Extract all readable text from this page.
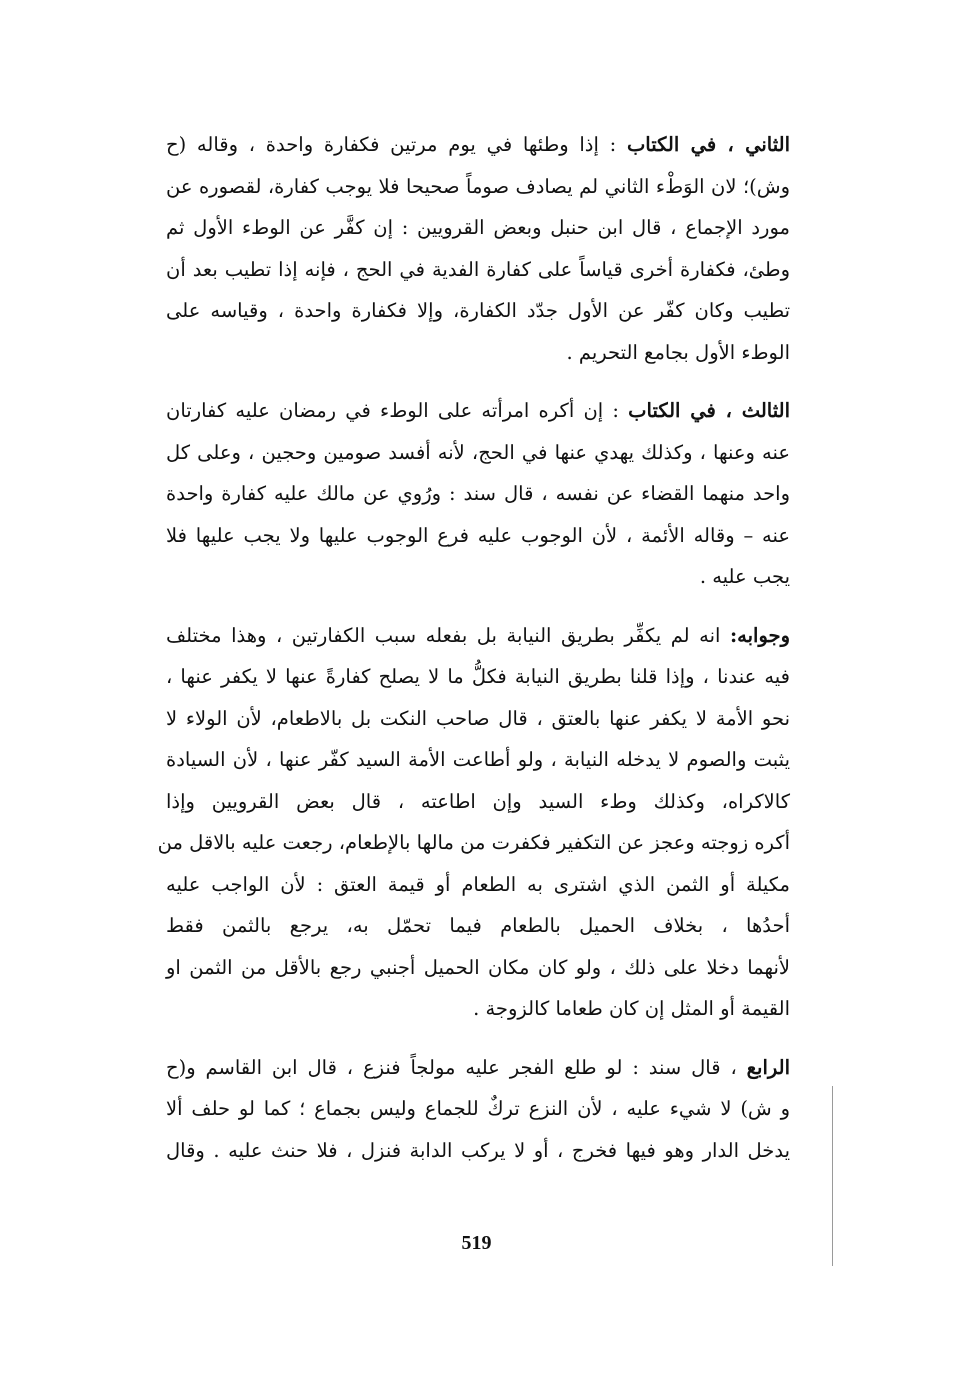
الثاني ، في الكتاب : إذا وطئها في يوم مرتين فكفارة واحدة ، وقاله (ح
وش)؛ لان الوَطْء الثاني لم يصادف صوماً صحيحا فلا يوجب كفارة، لقصوره عن
مورد الإجماع ، قال ابن حنبل وبعض القرويين : إن كفَّر عن الوطء الأول ثم
وطئ، فكفارة أخرى قياساً على كفارة الفدية في الحج ، فإنه إذا تطيب بعد أن
تطيب وكان كفّر عن الأول جدّد الكفارة، وإلا فكفارة واحدة ، وقياسه على
الوطء الأول بجامع التحريم .

الثالث ، في الكتاب : إن أكره امرأته على الوطء في رمضان عليه كفارتان
عنه وعنها ، وكذلك يهدي عنها في الحج، لأنه أفسد صومين وحجين ، وعلى كل
واحد منهما القضاء عن نفسه ، قال سند : ورُوي عن مالك عليه كفارة واحدة
عنه – وقاله الأئمة ، لأن الوجوب عليه فرع الوجوب عليها ولا يجب عليها فلا
يجب عليه .

وجوابه: انه لم يكفِّر بطريق النيابة بل بفعله سبب الكفارتين ، وهذا مختلف
فيه عندنا ، وإذا قلنا بطريق النيابة فكلُّ ما لا يصلح كفارةً عنها لا يكفر عنها ،
نحو الأمة لا يكفر عنها بالعتق ، قال صاحب النكت بل بالاطعام، لأن الولاء لا
يثبت والصوم لا يدخله النيابة ، ولو أطاعت الأمة السيد كفّر عنها ، لأن السيادة
كالاكراه، وكذلك وطء السيد وإن اطاعته ، قال بعض القرويين وإذا
أكره زوجته وعجز عن التكفير فكفرت من مالها بالإطعام، رجعت عليه بالاقل من
مكيلة أو الثمن الذي اشترى به الطعام أو قيمة العتق : لأن الواجب عليه
أحدُها ، بخلاف الحميل بالطعام فيما تحمّل به، يرجع بالثمن فقط
لأنهما دخلا على ذلك ، ولو كان مكان الحميل أجنبي رجع بالأقل من الثمن او
القيمة أو المثل إن كان طعاما كالزوجة .

الرابع ، قال سند : لو طلع الفجر عليه مولجاً فنزع ، قال ابن القاسم و(ح
و ش) لا شيء عليه ، لأن النزع تركٌ للجماع وليس بجماع ؛ كما لو حلف ألا
يدخل الدار وهو فيها فخرج ، أو لا يركب الدابة فنزل ، فلا حنث عليه . وقال

519
